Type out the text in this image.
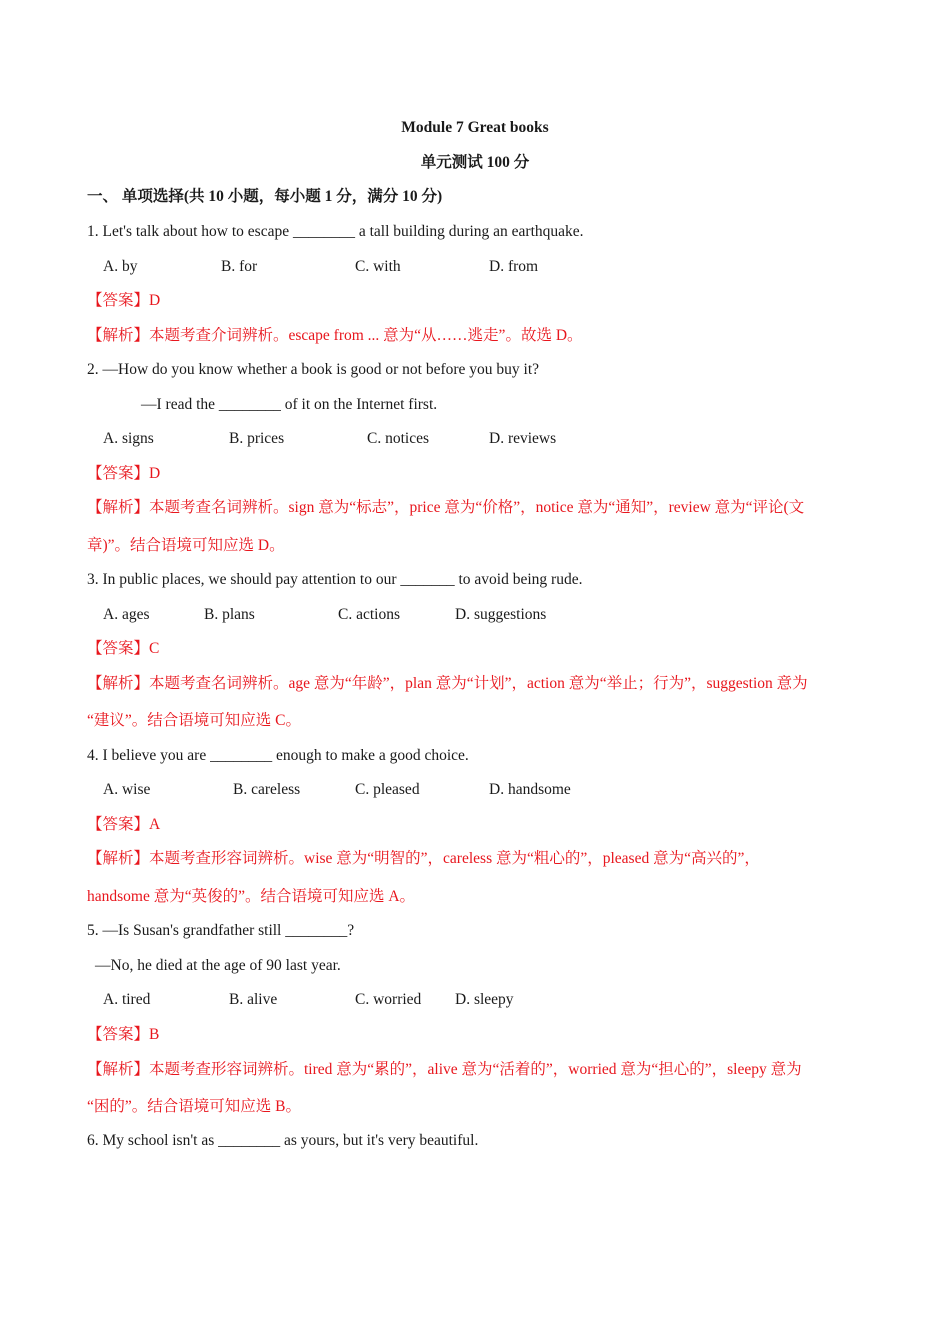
Module 7 Great books
单元测试 100 分
一、 单项选择(共 10 小题，每小题 1 分，满分 10 分)
1. Let's talk about how to escape ________ a tall building during an earthquake.
A. by	B. for	C. with	D. from
【答案】D
【解析】本题考查介词辨析。escape from ... 意为“从……逃走”。故选 D。
2. —How do you know whether a book is good or not before you buy it?
—I read the ________ of it on the Internet first.
A. signs	B. prices	C. notices	D. reviews
【答案】D
【解析】本题考查名词辨析。sign 意为“标志”，price 意为“价格”，notice 意为“通知”，review 意为“评论(文
章)”。结合语境可知应选 D。
3. In public places, we should pay attention to our _______ to avoid being rude.
A. ages	B. plans	C. actions	D. suggestions
【答案】C
【解析】本题考查名词辨析。age 意为“年龄”，plan 意为“计划”，action 意为“举止；行为”，suggestion 意为
“建议”。结合语境可知应选 C。
4. I believe you are ________ enough to make a good choice.
A. wise	B. careless	C. pleased	D. handsome
【答案】A
【解析】本题考查形容词辨析。wise 意为“明智的”，careless 意为“粗心的”，pleased 意为“高兴的”，
handsome 意为“英俊的”。结合语境可知应选 A。
5. —Is Susan's grandfather still ________?
—No, he died at the age of 90 last year.
A. tired	B. alive	C. worried D. sleepy
【答案】B
【解析】本题考查形容词辨析。tired 意为“累的”，alive 意为“活着的”，worried 意为“担心的”，sleepy 意为
“困的”。结合语境可知应选 B。
6. My school isn't as ________ as yours, but it's very beautiful.
